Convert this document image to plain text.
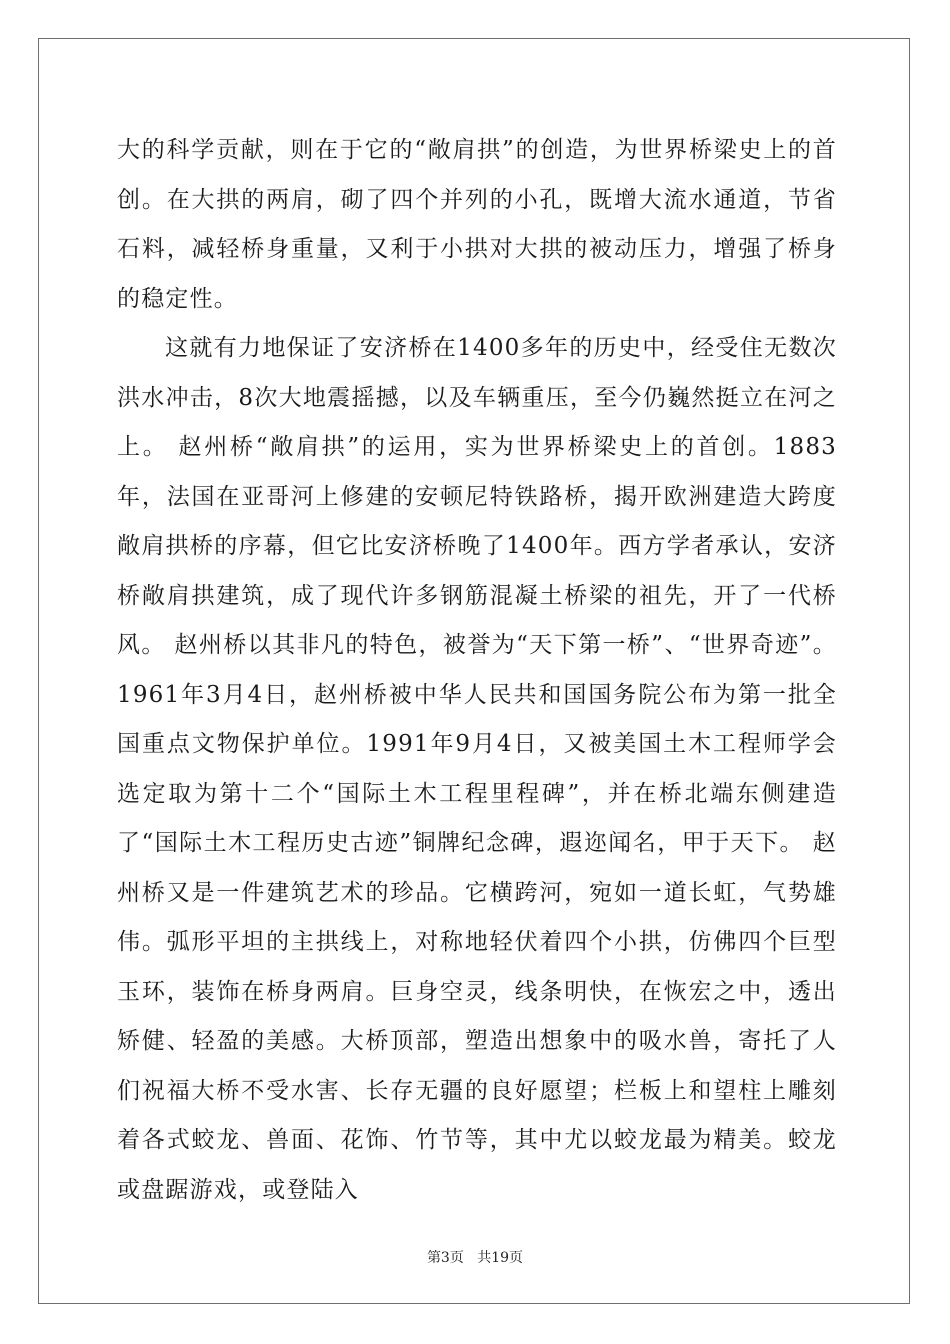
大的科学贡献，则在于它的“敞肩拱”的创造，为世界桥梁史上的首创。在大拱的两肩，砌了四个并列的小孔，既增大流水通道，节省石料，减轻桥身重量，又利于小拱对大拱的被动压力，增强了桥身的稳定性。

这就有力地保证了安济桥在1400多年的历史中，经受住无数次洪水冲击，8次大地震摇撼，以及车辆重压，至今仍巍然挺立在河之上。 赵州桥“敞肩拱”的运用，实为世界桥梁史上的首创。1883年，法国在亚哥河上修建的安顿尼特铁路桥，揭开欧洲建造大跨度敞肩拱桥的序幕，但它比安济桥晚了1400年。西方学者承认，安济桥敞肩拱建筑，成了现代许多钢筋混凝土桥梁的祖先，开了一代桥风。 赵州桥以其非凡的特色，被誉为“天下第一桥”、“世界奇迹”。1961年3月4日，赵州桥被中华人民共和国国务院公布为第一批全国重点文物保护单位。1991年9月4日，又被美国土木工程师学会选定取为第十二个“国际土木工程里程碑”，并在桥北端东侧建造了“国际土木工程历史古迹”铜牌纪念碑，遐迩闻名，甲于天下。 赵州桥又是一件建筑艺术的珍品。它横跨河，宛如一道长虹，气势雄伟。弧形平坦的主拱线上，对称地轻伏着四个小拱，仿佛四个巨型玉环，装饰在桥身两肩。巨身空灵，线条明快，在恢宏之中，透出矫健、轻盈的美感。大桥顶部，塑造出想象中的吸水兽，寄托了人们祝福大桥不受水害、长存无疆的良好愿望；栏板上和望柱上雕刻着各式蛟龙、兽面、花饰、竹节等，其中尤以蛟龙最为精美。蛟龙或盘踞游戏，或登陆入

第3页 共19页
